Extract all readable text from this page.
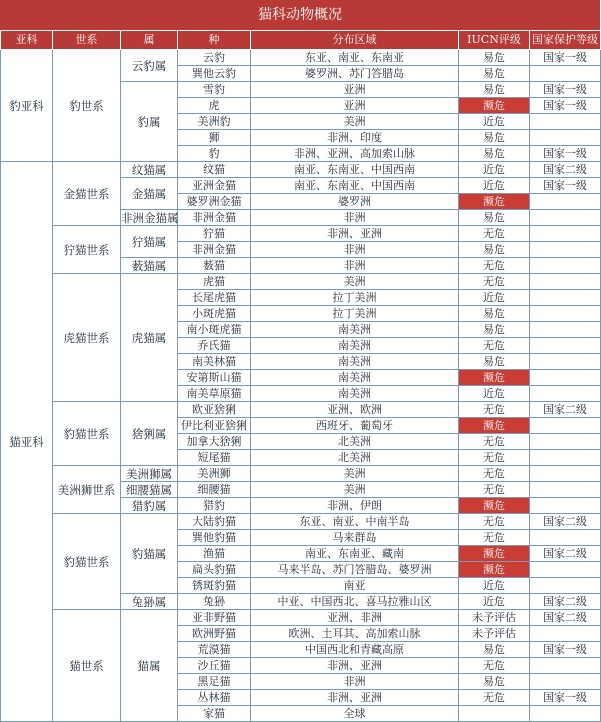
猫科动物概况
亚科	世系	属	种	分布区域	IUCN评级	国家保护等级
豹亚科	豹世系	云豹属	云豹	东亚、南亚、东南亚	易危	国家一级
			巽他云豹	婆罗洲、苏门答腊岛	易危	
		豹属	雪豹	亚洲	易危	国家一级
			虎	亚洲	濒危	国家一级
			美洲豹	美洲	近危	
			狮	非洲、印度	易危	
			豹	非洲、亚洲、高加索山脉	易危	国家一级
猫亚科	金猫世系	纹猫属	纹猫	南亚、东南亚、中国西南	近危	国家二级
		金猫属	亚洲金猫	南亚、东南亚、中国西南	近危	国家一级
			婆罗洲金猫	婆罗洲	濒危	
		非洲金猫属	非洲金猫	非洲	易危	
	狞猫世系	狞猫属	狞猫	非洲、亚洲	无危	
			非洲金猫	非洲	易危	
		薮猫属	薮猫	非洲	无危	
	虎猫世系	虎猫属	虎猫	美洲	无危	
			长尾虎猫	拉丁美洲	近危	
			小斑虎猫	拉丁美洲	易危	
			南小斑虎猫	南美洲	易危	
			乔氏猫	南美洲	无危	
			南美林猫	南美洲	易危	
			安第斯山猫	南美洲	濒危	
			南美草原猫	南美洲	近危	
	豹猫世系	猞猁属	欧亚猞猁	亚洲、欧洲	无危	国家二级
			伊比利亚猞猁	西班牙、葡萄牙	濒危	
			加拿大猞猁	北美洲	无危	
			短尾猫	北美洲	无危	
	美洲狮世系	美洲狮属	美洲狮	美洲	无危	
		细腰猫属	细腰猫	美洲	无危	
		猎豹属	猎豹	非洲、伊朗	濒危	
	豹猫世系	豹猫属	大陆豹猫	东亚、南亚、中南半岛	无危	国家二级
			巽他豹猫	马来群岛	无危	
			渔猫	南亚、东南亚、藏南	濒危	国家二级
			扁头豹猫	马来半岛、苏门答腊岛、婆罗洲	濒危	
			锈斑豹猫	南亚	近危	
		兔狲属	兔狲	中亚、中国西北、喜马拉雅山区	近危	国家二级
	猫世系	猫属	亚非野猫	亚洲、非洲	未予评估	国家二级
			欧洲野猫	欧洲、土耳其、高加索山脉	未予评估	
			荒漠猫	中国西北和青藏高原	易危	国家一级
			沙丘猫	非洲、亚洲	无危	
			黑足猫	非洲	易危	
			丛林猫	非洲、亚洲	无危	国家一级
			家猫	全球		
